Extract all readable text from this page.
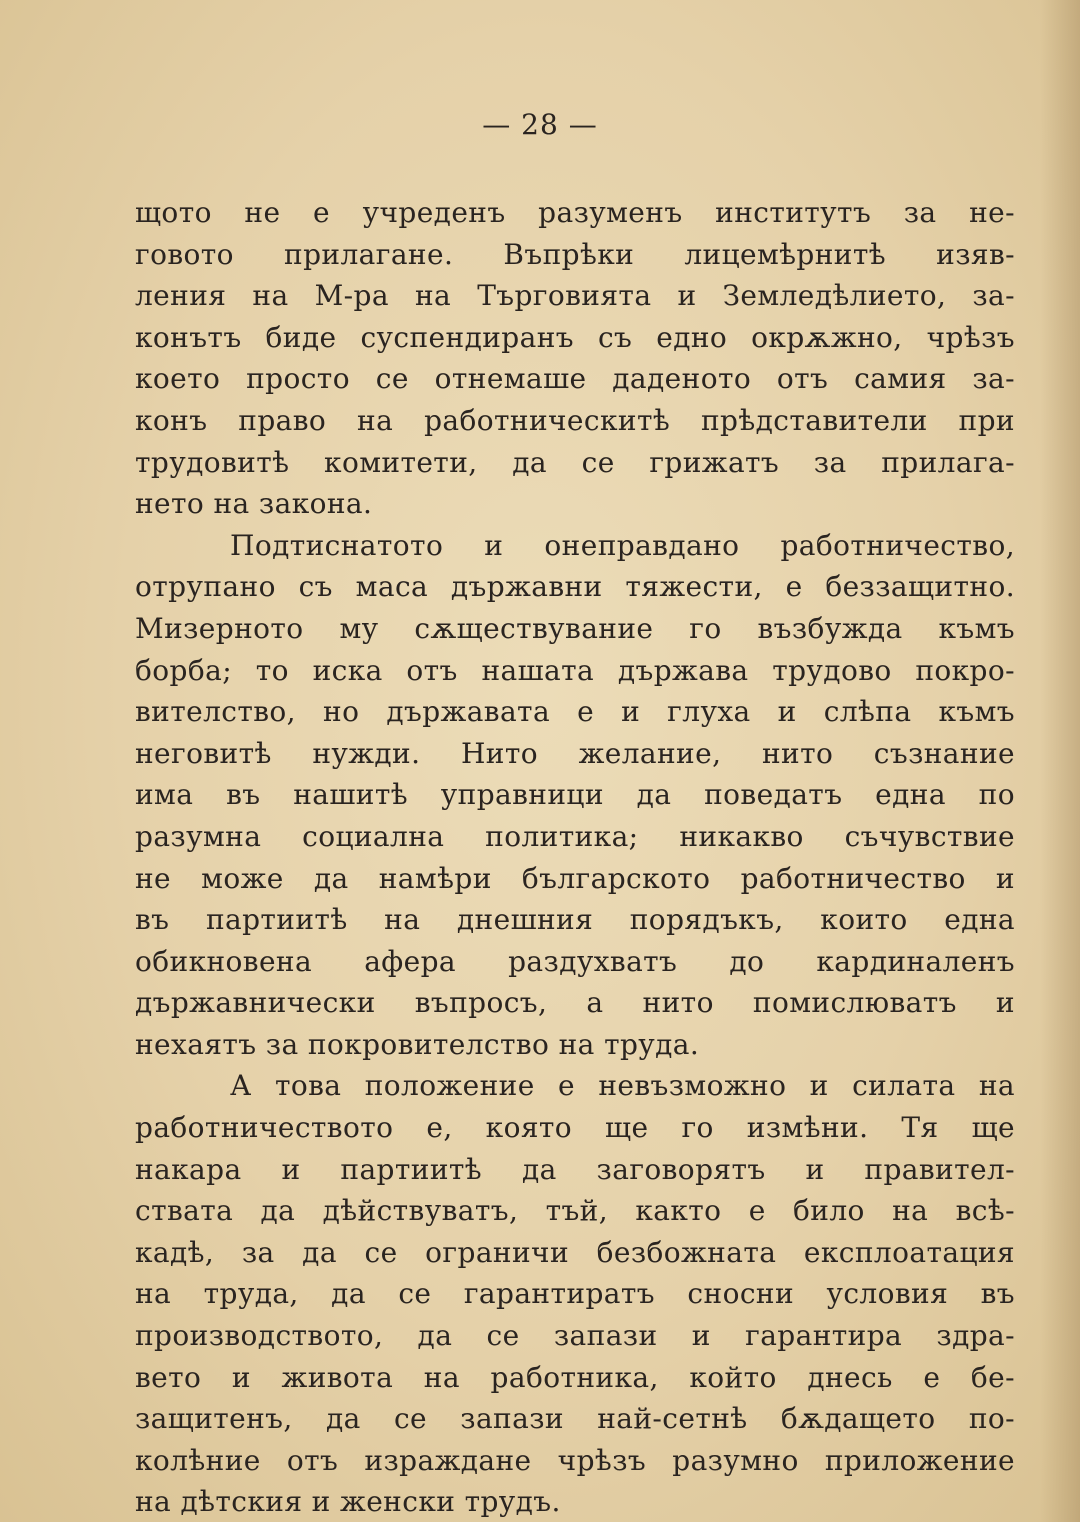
— 28 —
щото не е учреденъ разуменъ институтъ за не-
говото прилагане. Въпрѣки лицемѣрнитѣ изяв-
ления на М-ра на Търговията и Земледѣлието, за-
конътъ биде суспендиранъ съ едно окрѫжно, чрѣзъ
което просто се отнемаше даденото отъ самия за-
конъ право на работническитѣ прѣдставители при
трудовитѣ комитети, да се грижатъ за прилага-
нето на закона.
Подтиснатото и онеправдано работничество,
отрупано съ маса държавни тяжести, е беззащитно.
Мизерното му сѫществувание го възбужда къмъ
борба; то иска отъ нашата държава трудово покро-
вителство, но държавата е и глуха и слѣпа къмъ
неговитѣ нужди. Нито желание, нито съзнание
има въ нашитѣ управници да поведатъ една по
разумна социална политика; никакво съчувствие
не може да намѣри българското работничество и
въ партиитѣ на днешния порядъкъ, които една
обикновена афера раздухватъ до кардиналенъ
държавнически въпросъ, а нито помислюватъ и
нехаятъ за покровителство на труда.
А това положение е невъзможно и силата на
работничеството е, която ще го измѣни. Тя ще
накара и партиитѣ да заговорятъ и правител-
ствата да дѣйствуватъ, тъй, както е било на всѣ-
кадѣ, за да се ограничи безбожната експлоатация
на труда, да се гарантиратъ сносни условия въ
производството, да се запази и гарантира здра-
вето и живота на работника, който днесь е бе-
защитенъ, да се запази най-сетнѣ бѫдащето по-
колѣние отъ израждане чрѣзъ разумно приложение
на дѣтския и женски трудъ.
